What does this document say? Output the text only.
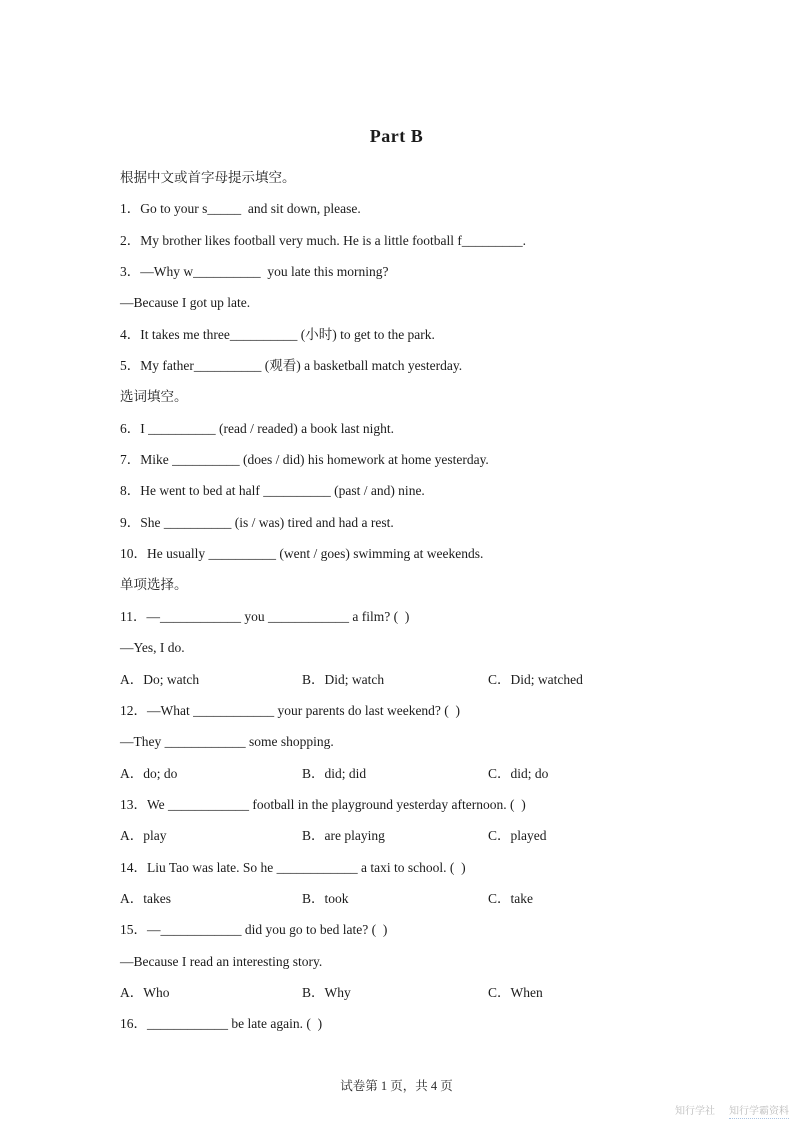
Part B
根据中文或首字母提示填空。
1．Go to your s_____  and sit down, please.
2．My brother likes football very much. He is a little football f_________.
3．—Why w__________  you late this morning?
—Because I got up late.
4．It takes me three__________ (小时) to get to the park.
5．My father__________ (观看) a basketball match yesterday.
选词填空。
6．I __________ (read / readed) a book last night.
7．Mike __________ (does / did) his homework at home yesterday.
8．He went to bed at half __________ (past / and) nine.
9．She __________ (is / was) tired and had a rest.
10．He usually __________ (went / goes) swimming at weekends.
单项选择。
11．—____________ you ____________ a film? (  )
—Yes, I do.
A．Do; watch	B．Did; watch	C．Did; watched
12．—What ____________ your parents do last weekend? (  )
—They ____________ some shopping.
A．do; do	B．did; did	C．did; do
13．We ____________ football in the playground yesterday afternoon. (  )
A．play	B．are playing	C．played
14．Liu Tao was late. So he ____________ a taxi to school. (  )
A．takes	B．took	C．take
15．—____________ did you go to bed late? (  )
—Because I read an interesting story.
A．Who	B．Why	C．When
16．____________ be late again. (  )
试卷第 1 页，共 4 页
知行学社 知行学霸资料
